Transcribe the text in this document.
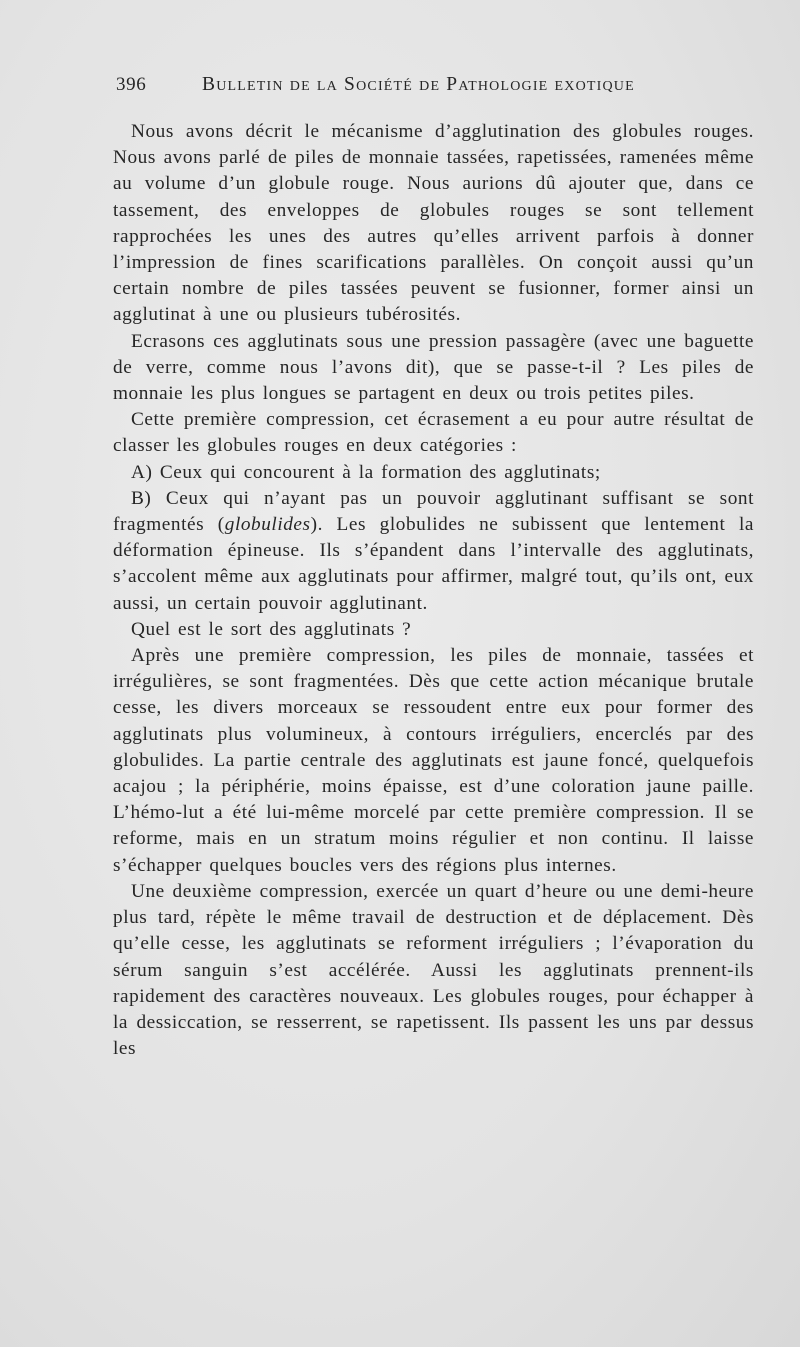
396	Bulletin de la Société de Pathologie exotique

Nous avons décrit le mécanisme d’agglutination des globules rouges. Nous avons parlé de piles de monnaie tassées, rapetissées, ramenées même au volume d’un globule rouge. Nous aurions dû ajouter que, dans ce tassement, des enveloppes de globules rouges se sont tellement rapprochées les unes des autres qu’elles arrivent parfois à donner l’impression de fines scarifications parallèles. On conçoit aussi qu’un certain nombre de piles tassées peuvent se fusionner, former ainsi un agglutinat à une ou plusieurs tubérosités.

Ecrasons ces agglutinats sous une pression passagère (avec une baguette de verre, comme nous l’avons dit), que se passe-t-il ? Les piles de monnaie les plus longues se partagent en deux ou trois petites piles.

Cette première compression, cet écrasement a eu pour autre résultat de classer les globules rouges en deux catégories :

A) Ceux qui concourent à la formation des agglutinats;

B) Ceux qui n’ayant pas un pouvoir agglutinant suffisant se sont fragmentés (globulides). Les globulides ne subissent que lentement la déformation épineuse. Ils s’épandent dans l’intervalle des agglutinats, s’accolent même aux agglutinats pour affirmer, malgré tout, qu’ils ont, eux aussi, un certain pouvoir agglutinant.

Quel est le sort des agglutinats ?

Après une première compression, les piles de monnaie, tassées et irrégulières, se sont fragmentées. Dès que cette action mécanique brutale cesse, les divers morceaux se ressoudent entre eux pour former des agglutinats plus volumineux, à contours irréguliers, encerclés par des globulides. La partie centrale des agglutinats est jaune foncé, quelquefois acajou ; la périphérie, moins épaisse, est d’une coloration jaune paille. L’hémo-lut a été lui-même morcelé par cette première compression. Il se reforme, mais en un stratum moins régulier et non continu. Il laisse s’échapper quelques boucles vers des régions plus internes.

Une deuxième compression, exercée un quart d’heure ou une demi-heure plus tard, répète le même travail de destruction et de déplacement. Dès qu’elle cesse, les agglutinats se reforment irréguliers ; l’évaporation du sérum sanguin s’est accélérée. Aussi les agglutinats prennent-ils rapidement des caractères nouveaux. Les globules rouges, pour échapper à la dessiccation, se resserrent, se rapetissent. Ils passent les uns par dessus les
